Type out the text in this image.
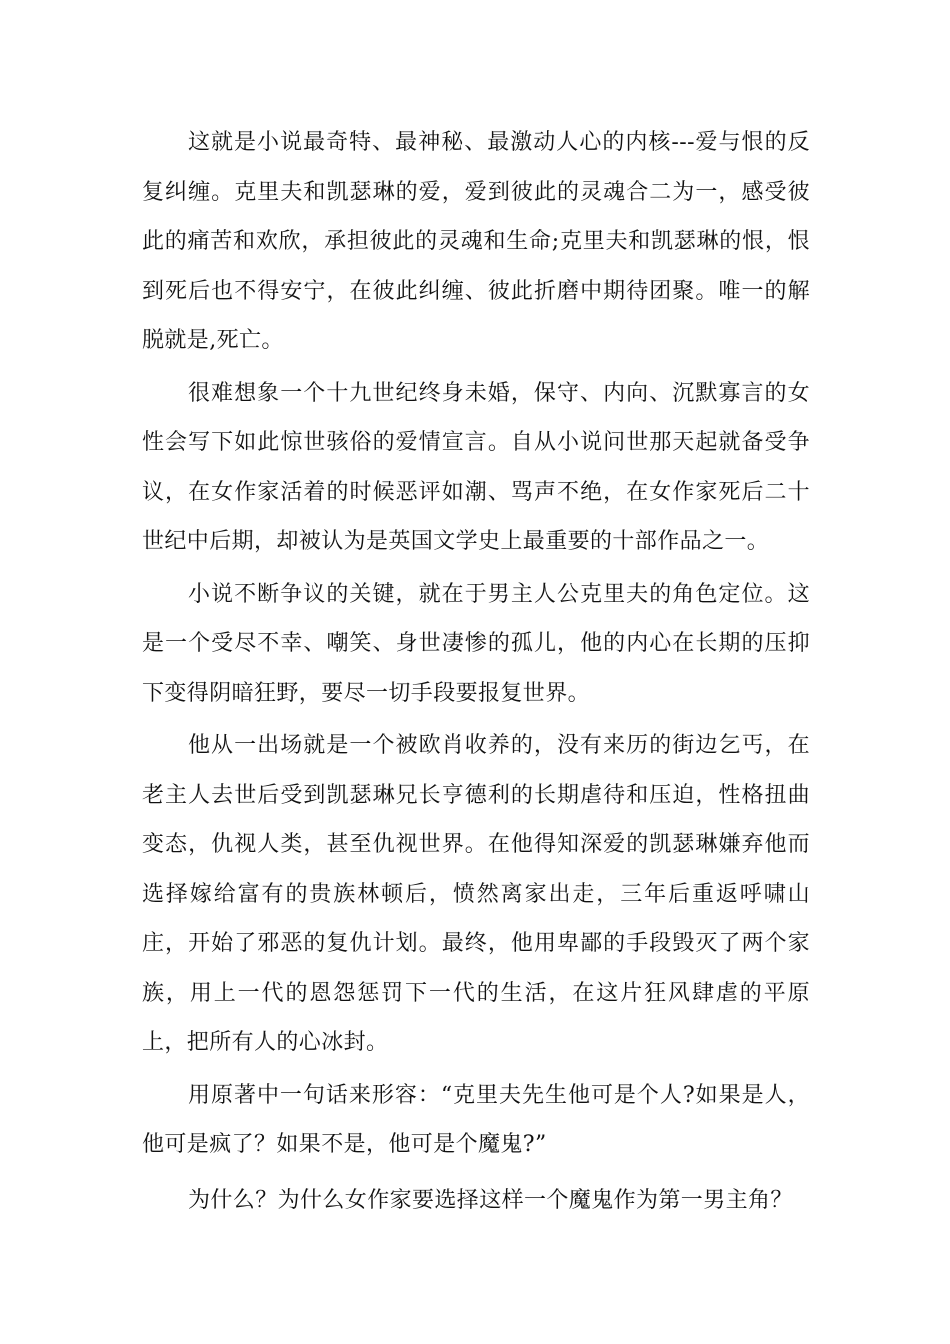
这就是小说最奇特、最神秘、最激动人心的内核---爱与恨的反复纠缠。克里夫和凯瑟琳的爱，爱到彼此的灵魂合二为一，感受彼此的痛苦和欢欣，承担彼此的灵魂和生命;克里夫和凯瑟琳的恨，恨到死后也不得安宁，在彼此纠缠、彼此折磨中期待团聚。唯一的解脱就是,死亡。

很难想象一个十九世纪终身未婚，保守、内向、沉默寡言的女性会写下如此惊世骇俗的爱情宣言。自从小说问世那天起就备受争议，在女作家活着的时候恶评如潮、骂声不绝，在女作家死后二十世纪中后期，却被认为是英国文学史上最重要的十部作品之一。

小说不断争议的关键，就在于男主人公克里夫的角色定位。这是一个受尽不幸、嘲笑、身世凄惨的孤儿，他的内心在长期的压抑下变得阴暗狂野，要尽一切手段要报复世界。

他从一出场就是一个被欧肖收养的，没有来历的街边乞丐，在老主人去世后受到凯瑟琳兄长亨德利的长期虐待和压迫，性格扭曲变态，仇视人类，甚至仇视世界。在他得知深爱的凯瑟琳嫌弃他而选择嫁给富有的贵族林顿后，愤然离家出走，三年后重返呼啸山庄，开始了邪恶的复仇计划。最终，他用卑鄙的手段毁灭了两个家族，用上一代的恩怨惩罚下一代的生活，在这片狂风肆虐的平原上，把所有人的心冰封。

用原著中一句话来形容：“克里夫先生他可是个人?如果是人，他可是疯了？如果不是，他可是个魔鬼?”

为什么？为什么女作家要选择这样一个魔鬼作为第一男主角？
